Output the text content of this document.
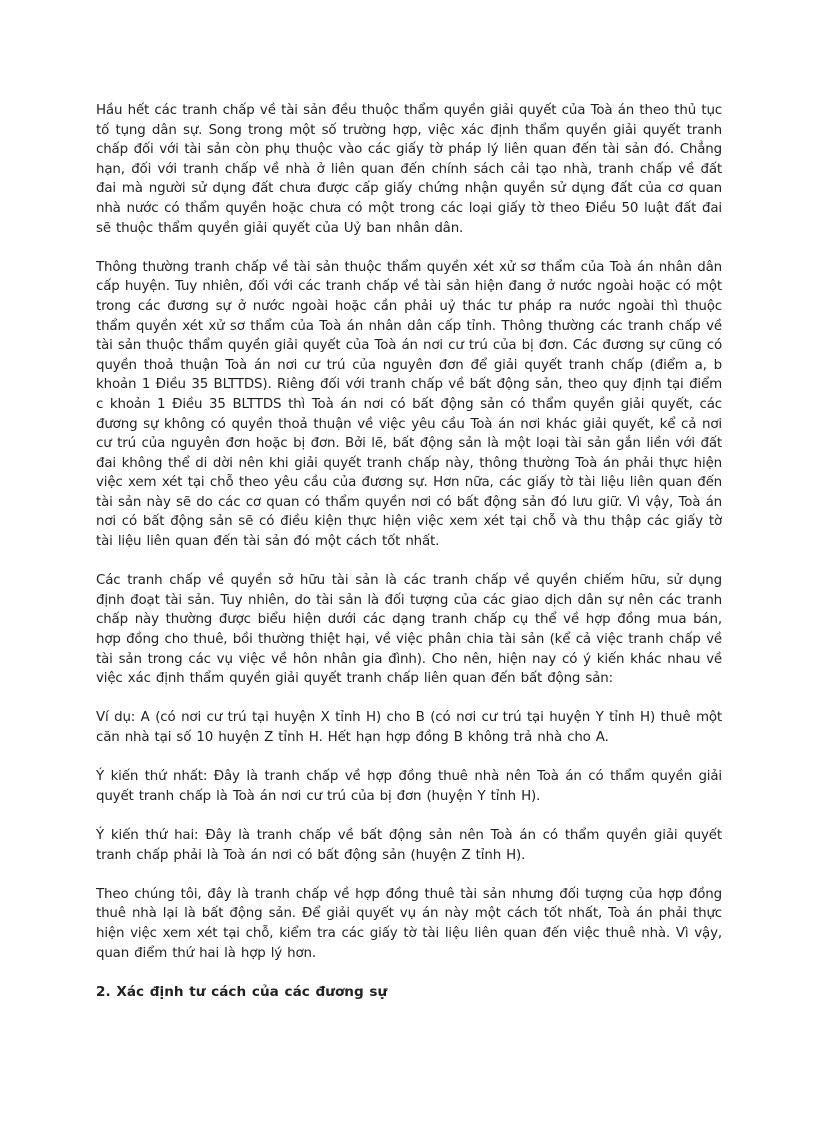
Hầu hết các tranh chấp về tài sản đều thuộc thẩm quyền giải quyết của Toà án theo thủ tục tố tụng dân sự. Song trong một số trường hợp, việc xác định thẩm quyền giải quyết tranh chấp đối với tài sản còn phụ thuộc vào các giấy tờ pháp lý liên quan đến tài sản đó. Chẳng hạn, đối với tranh chấp về nhà ở liên quan đến chính sách cải tạo nhà, tranh chấp về đất đai mà người sử dụng đất chưa được cấp giấy chứng nhận quyền sử dụng đất của cơ quan nhà nước có thẩm quyền hoặc chưa có một trong các loại giấy tờ theo Điều 50 luật đất đai sẽ thuộc thẩm quyền giải quyết của Uỷ ban nhân dân.

Thông thường tranh chấp về tài sản thuộc thẩm quyền xét xử sơ thẩm của Toà án nhân dân cấp huyện. Tuy nhiên, đối với các tranh chấp về tài sản hiện đang ở nước ngoài hoặc có một trong các đương sự ở nước ngoài hoặc cần phải uỷ thác tư pháp ra nước ngoài thì thuộc thẩm quyền xét xử sơ thẩm của Toà án nhân dân cấp tỉnh. Thông thường các tranh chấp về tài sản thuộc thẩm quyền giải quyết của Toà án nơi cư trú của bị đơn. Các đương sự cũng có quyền thoả thuận Toà án nơi cư trú của nguyên đơn để giải quyết tranh chấp (điểm a, b khoản 1 Điều 35 BLTTDS). Riêng đối với tranh chấp về bất động sản, theo quy định tại điểm c khoản 1 Điều 35 BLTTDS thì Toà án nơi có bất động sản có thẩm quyền giải quyết, các đương sự không có quyền thoả thuận về việc yêu cầu Toà án nơi khác giải quyết, kể cả nơi cư trú của nguyên đơn hoặc bị đơn. Bởi lẽ, bất động sản là một loại tài sản gắn liền với đất đai không thể di dời nên khi giải quyết tranh chấp này, thông thường Toà án phải thực hiện việc xem xét tại chỗ theo yêu cầu của đương sự. Hơn nữa, các giấy tờ tài liệu liên quan đến tài sản này sẽ do các cơ quan có thẩm quyền nơi có bất động sản đó lưu giữ. Vì vậy, Toà án nơi có bất động sản sẽ có điều kiện thực hiện việc xem xét tại chỗ và thu thập các giấy tờ tài liệu liên quan đến tài sản đó một cách tốt nhất.

Các tranh chấp về quyền sở hữu tài sản là các tranh chấp về quyền chiếm hữu, sử dụng định đoạt tài sản. Tuy nhiên, do tài sản là đối tượng của các giao dịch dân sự nên các tranh chấp này thường được biểu hiện dưới các dạng tranh chấp cụ thể về hợp đồng mua bán, hợp đồng cho thuê, bồi thường thiệt hại, về việc phân chia tài sản (kể cả việc tranh chấp về tài sản trong các vụ việc về hôn nhân gia đình). Cho nên, hiện nay có ý kiến khác nhau về việc xác định thẩm quyền giải quyết tranh chấp liên quan đến bất động sản:

Ví dụ: A (có nơi cư trú tại huyện X tỉnh H) cho B (có nơi cư trú tại huyện Y tỉnh H) thuê một căn nhà tại số 10 huyện Z tỉnh H. Hết hạn hợp đồng B không trả nhà cho A.

Ý kiến thứ nhất: Đây là tranh chấp về hợp đồng thuê nhà nên Toà án có thẩm quyền giải quyết tranh chấp là Toà án nơi cư trú của bị đơn (huyện Y tỉnh H).

Ý kiến thứ hai: Đây là tranh chấp về bất động sản nên Toà án có thẩm quyền giải quyết tranh chấp phải là Toà án nơi có bất động sản (huyện Z tỉnh H).

Theo chúng tôi, đây là tranh chấp về hợp đồng thuê tài sản nhưng đối tượng của hợp đồng thuê nhà lại là bất động sản. Để giải quyết vụ án này một cách tốt nhất, Toà án phải thực hiện việc xem xét tại chỗ, kiểm tra các giấy tờ tài liệu liên quan đến việc thuê nhà. Vì vậy, quan điểm thứ hai là hợp lý hơn.

2. Xác định tư cách của các đương sự
